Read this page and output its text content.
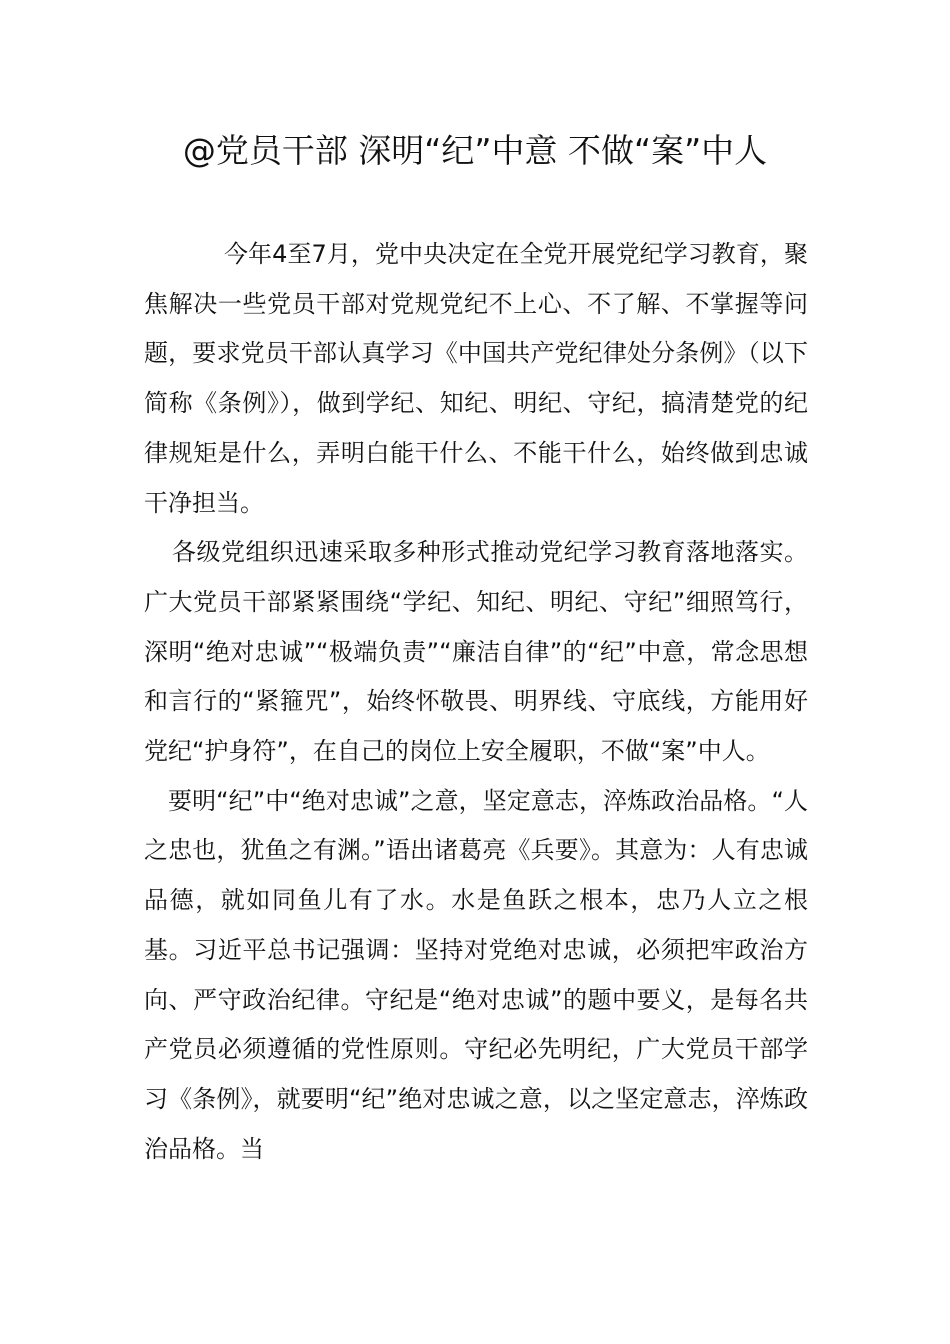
@党员干部 深明“纪”中意 不做“案”中人

今年4至7月，党中央决定在全党开展党纪学习教育，聚焦解决一些党员干部对党规党纪不上心、不了解、不掌握等问题，要求党员干部认真学习《中国共产党纪律处分条例》（以下简称《条例》），做到学纪、知纪、明纪、守纪，搞清楚党的纪律规矩是什么，弄明白能干什么、不能干什么，始终做到忠诚干净担当。

各级党组织迅速采取多种形式推动党纪学习教育落地落实。广大党员干部紧紧围绕“学纪、知纪、明纪、守纪”细照笃行，深明“绝对忠诚”“极端负责”“廉洁自律”的“纪”中意，常念思想和言行的“紧箍咒”，始终怀敬畏、明界线、守底线，方能用好党纪“护身符”，在自己的岗位上安全履职，不做“案”中人。

要明“纪”中“绝对忠诚”之意，坚定意志，淬炼政治品格。“人之忠也，犹鱼之有渊。”语出诸葛亮《兵要》。其意为：人有忠诚品德，就如同鱼儿有了水。水是鱼跃之根本，忠乃人立之根基。习近平总书记强调：坚持对党绝对忠诚，必须把牢政治方向、严守政治纪律。守纪是“绝对忠诚”的题中要义，是每名共产党员必须遵循的党性原则。守纪必先明纪，广大党员干部学习《条例》，就要明“纪”绝对忠诚之意，以之坚定意志，淬炼政治品格。当
